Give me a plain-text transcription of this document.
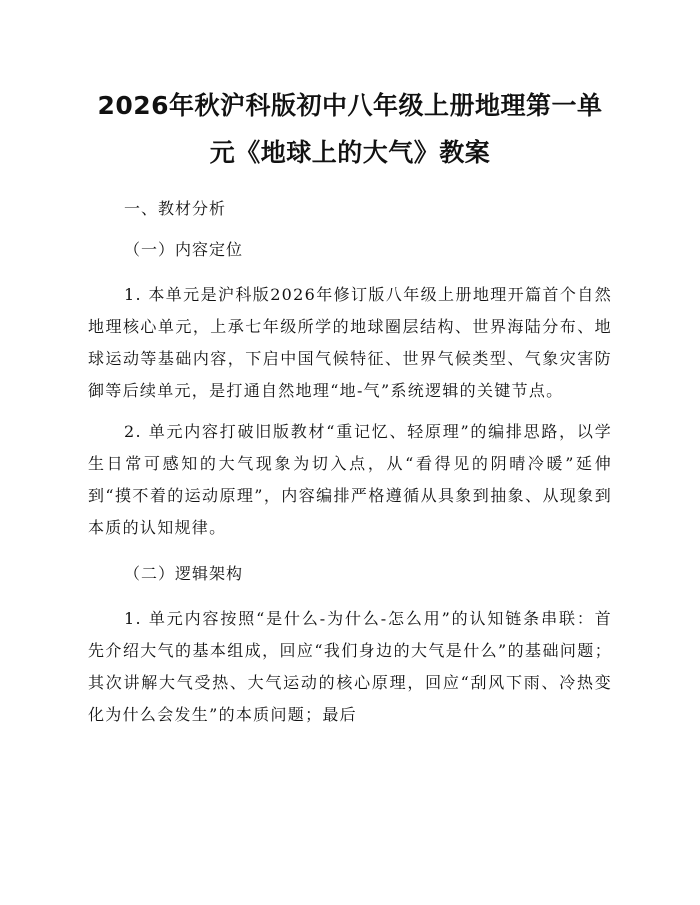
2026年秋沪科版初中八年级上册地理第一单
元《地球上的大气》教案

一、教材分析

（一）内容定位

1. 本单元是沪科版2026年修订版八年级上册地理开篇首个自然地理核心单元，上承七年级所学的地球圈层结构、世界海陆分布、地球运动等基础内容，下启中国气候特征、世界气候类型、气象灾害防御等后续单元，是打通自然地理“地-气”系统逻辑的关键节点。

2. 单元内容打破旧版教材“重记忆、轻原理”的编排思路，以学生日常可感知的大气现象为切入点，从“看得见的阴晴冷暖”延伸到“摸不着的运动原理”，内容编排严格遵循从具象到抽象、从现象到本质的认知规律。

（二）逻辑架构

1. 单元内容按照“是什么-为什么-怎么用”的认知链条串联：首先介绍大气的基本组成，回应“我们身边的大气是什么”的基础问题；其次讲解大气受热、大气运动的核心原理，回应“刮风下雨、冷热变化为什么会发生”的本质问题；最后
